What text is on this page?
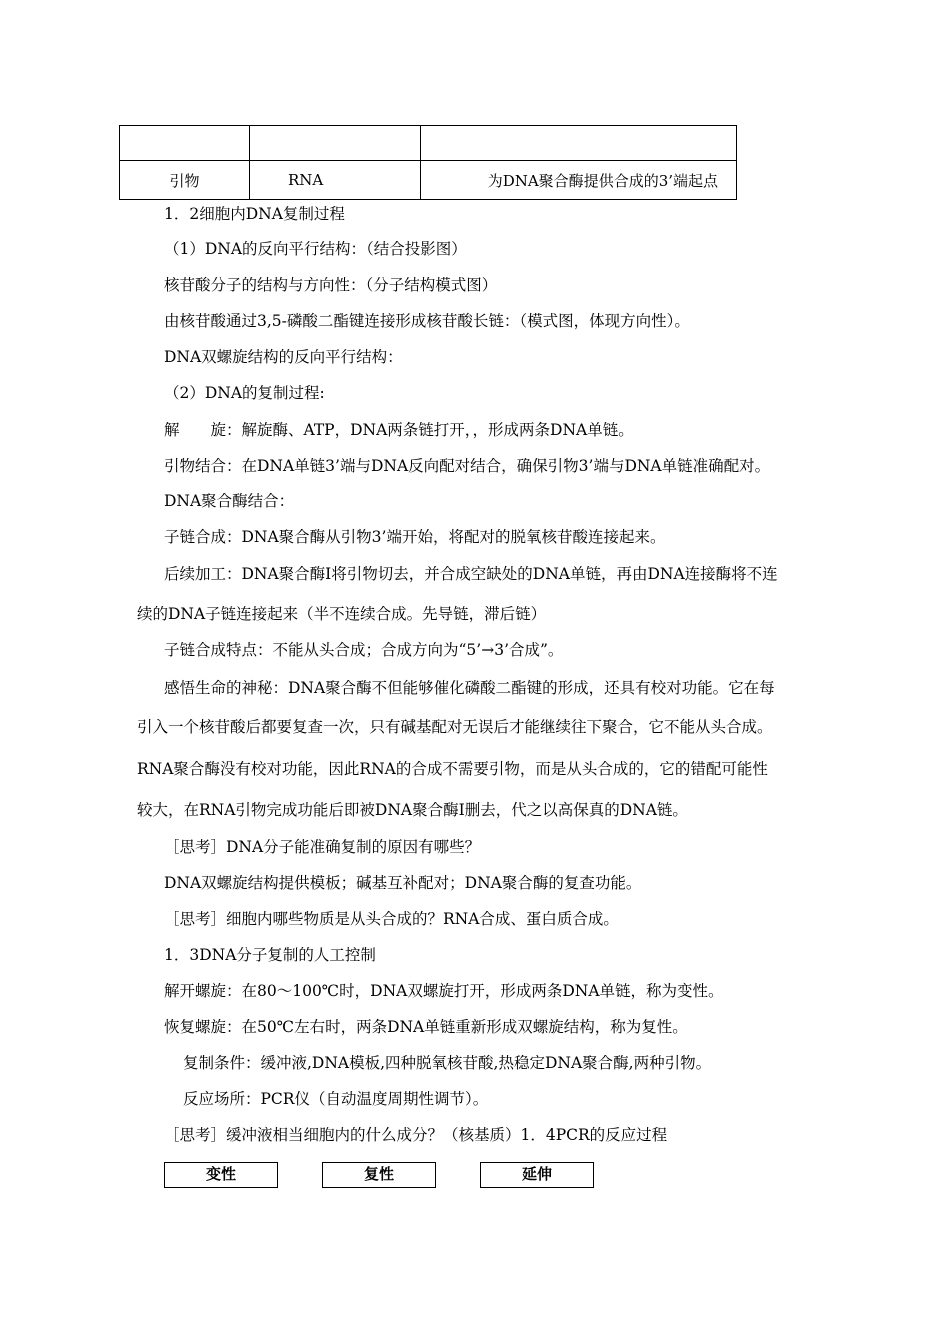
引物	RNA	为DNA聚合酶提供合成的3’端起点
1．2细胞内DNA复制过程
（1）DNA的反向平行结构：（结合投影图）
核苷酸分子的结构与方向性：（分子结构模式图）
由核苷酸通过3,5-磷酸二酯键连接形成核苷酸长链：（模式图，体现方向性）。
DNA双螺旋结构的反向平行结构：
（2）DNA的复制过程:
解　　旋：解旋酶、ATP，DNA两条链打开，，形成两条DNA单链。
引物结合：在DNA单链3’端与DNA反向配对结合，确保引物3’端与DNA单链准确配对。
DNA聚合酶结合：
子链合成：DNA聚合酶从引物3’端开始，将配对的脱氧核苷酸连接起来。
后续加工：DNA聚合酶Ⅰ将引物切去，并合成空缺处的DNA单链，再由DNA连接酶将不连
续的DNA子链连接起来（半不连续合成。先导链，滞后链）
子链合成特点：不能从头合成；合成方向为“5’→3’合成”。
感悟生命的神秘：DNA聚合酶不但能够催化磷酸二酯键的形成，还具有校对功能。它在每
引入一个核苷酸后都要复查一次，只有碱基配对无误后才能继续往下聚合，它不能从头合成。
RNA聚合酶没有校对功能，因此RNA的合成不需要引物，而是从头合成的，它的错配可能性
较大，在RNA引物完成功能后即被DNA聚合酶Ⅰ删去，代之以高保真的DNA链。
［思考］DNA分子能准确复制的原因有哪些？
DNA双螺旋结构提供模板；碱基互补配对；DNA聚合酶的复查功能。
［思考］细胞内哪些物质是从头合成的？RNA合成、蛋白质合成。
1．3DNA分子复制的人工控制
解开螺旋：在80～100℃时，DNA双螺旋打开，形成两条DNA单链，称为变性。
恢复螺旋：在50℃左右时，两条DNA单链重新形成双螺旋结构，称为复性。
复制条件：缓冲液,DNA模板,四种脱氧核苷酸,热稳定DNA聚合酶,两种引物。
反应场所：PCR仪（自动温度周期性调节）。
［思考］缓冲液相当细胞内的什么成分？（核基质）1．4PCR的反应过程
变性	复性	延伸
